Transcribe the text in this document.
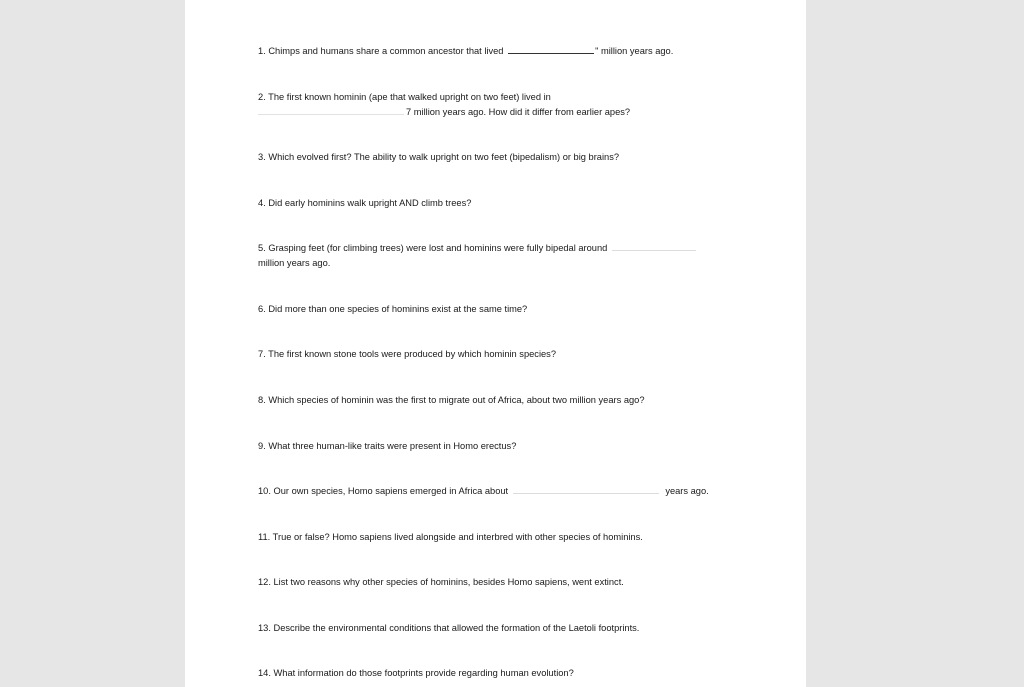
1. Chimps and humans share a common ancestor that lived	" million years ago.
2. The first known hominin (ape that walked upright on two feet) lived in
7 million years ago. How did it differ from earlier apes?
3. Which evolved first? The ability to walk upright on two feet (bipedalism) or big brains?
4. Did early hominins walk upright AND climb trees?
5. Grasping feet (for climbing trees) were lost and hominins were fully bipedal around
million years ago.
6. Did more than one species of hominins exist at the same time?
7. The first known stone tools were produced by which hominin species?
8. Which species of hominin was the first to migrate out of Africa, about two million years ago?
9. What three human-like traits were present in Homo erectus?
10. Our own species, Homo sapiens emerged in Africa about	years ago.
11. True or false? Homo sapiens lived alongside and interbred with other species of hominins.
12. List two reasons why other species of hominins, besides Homo sapiens, went extinct.
13. Describe the environmental conditions that allowed the formation of the Laetoli footprints.
14. What information do those footprints provide regarding human evolution?
